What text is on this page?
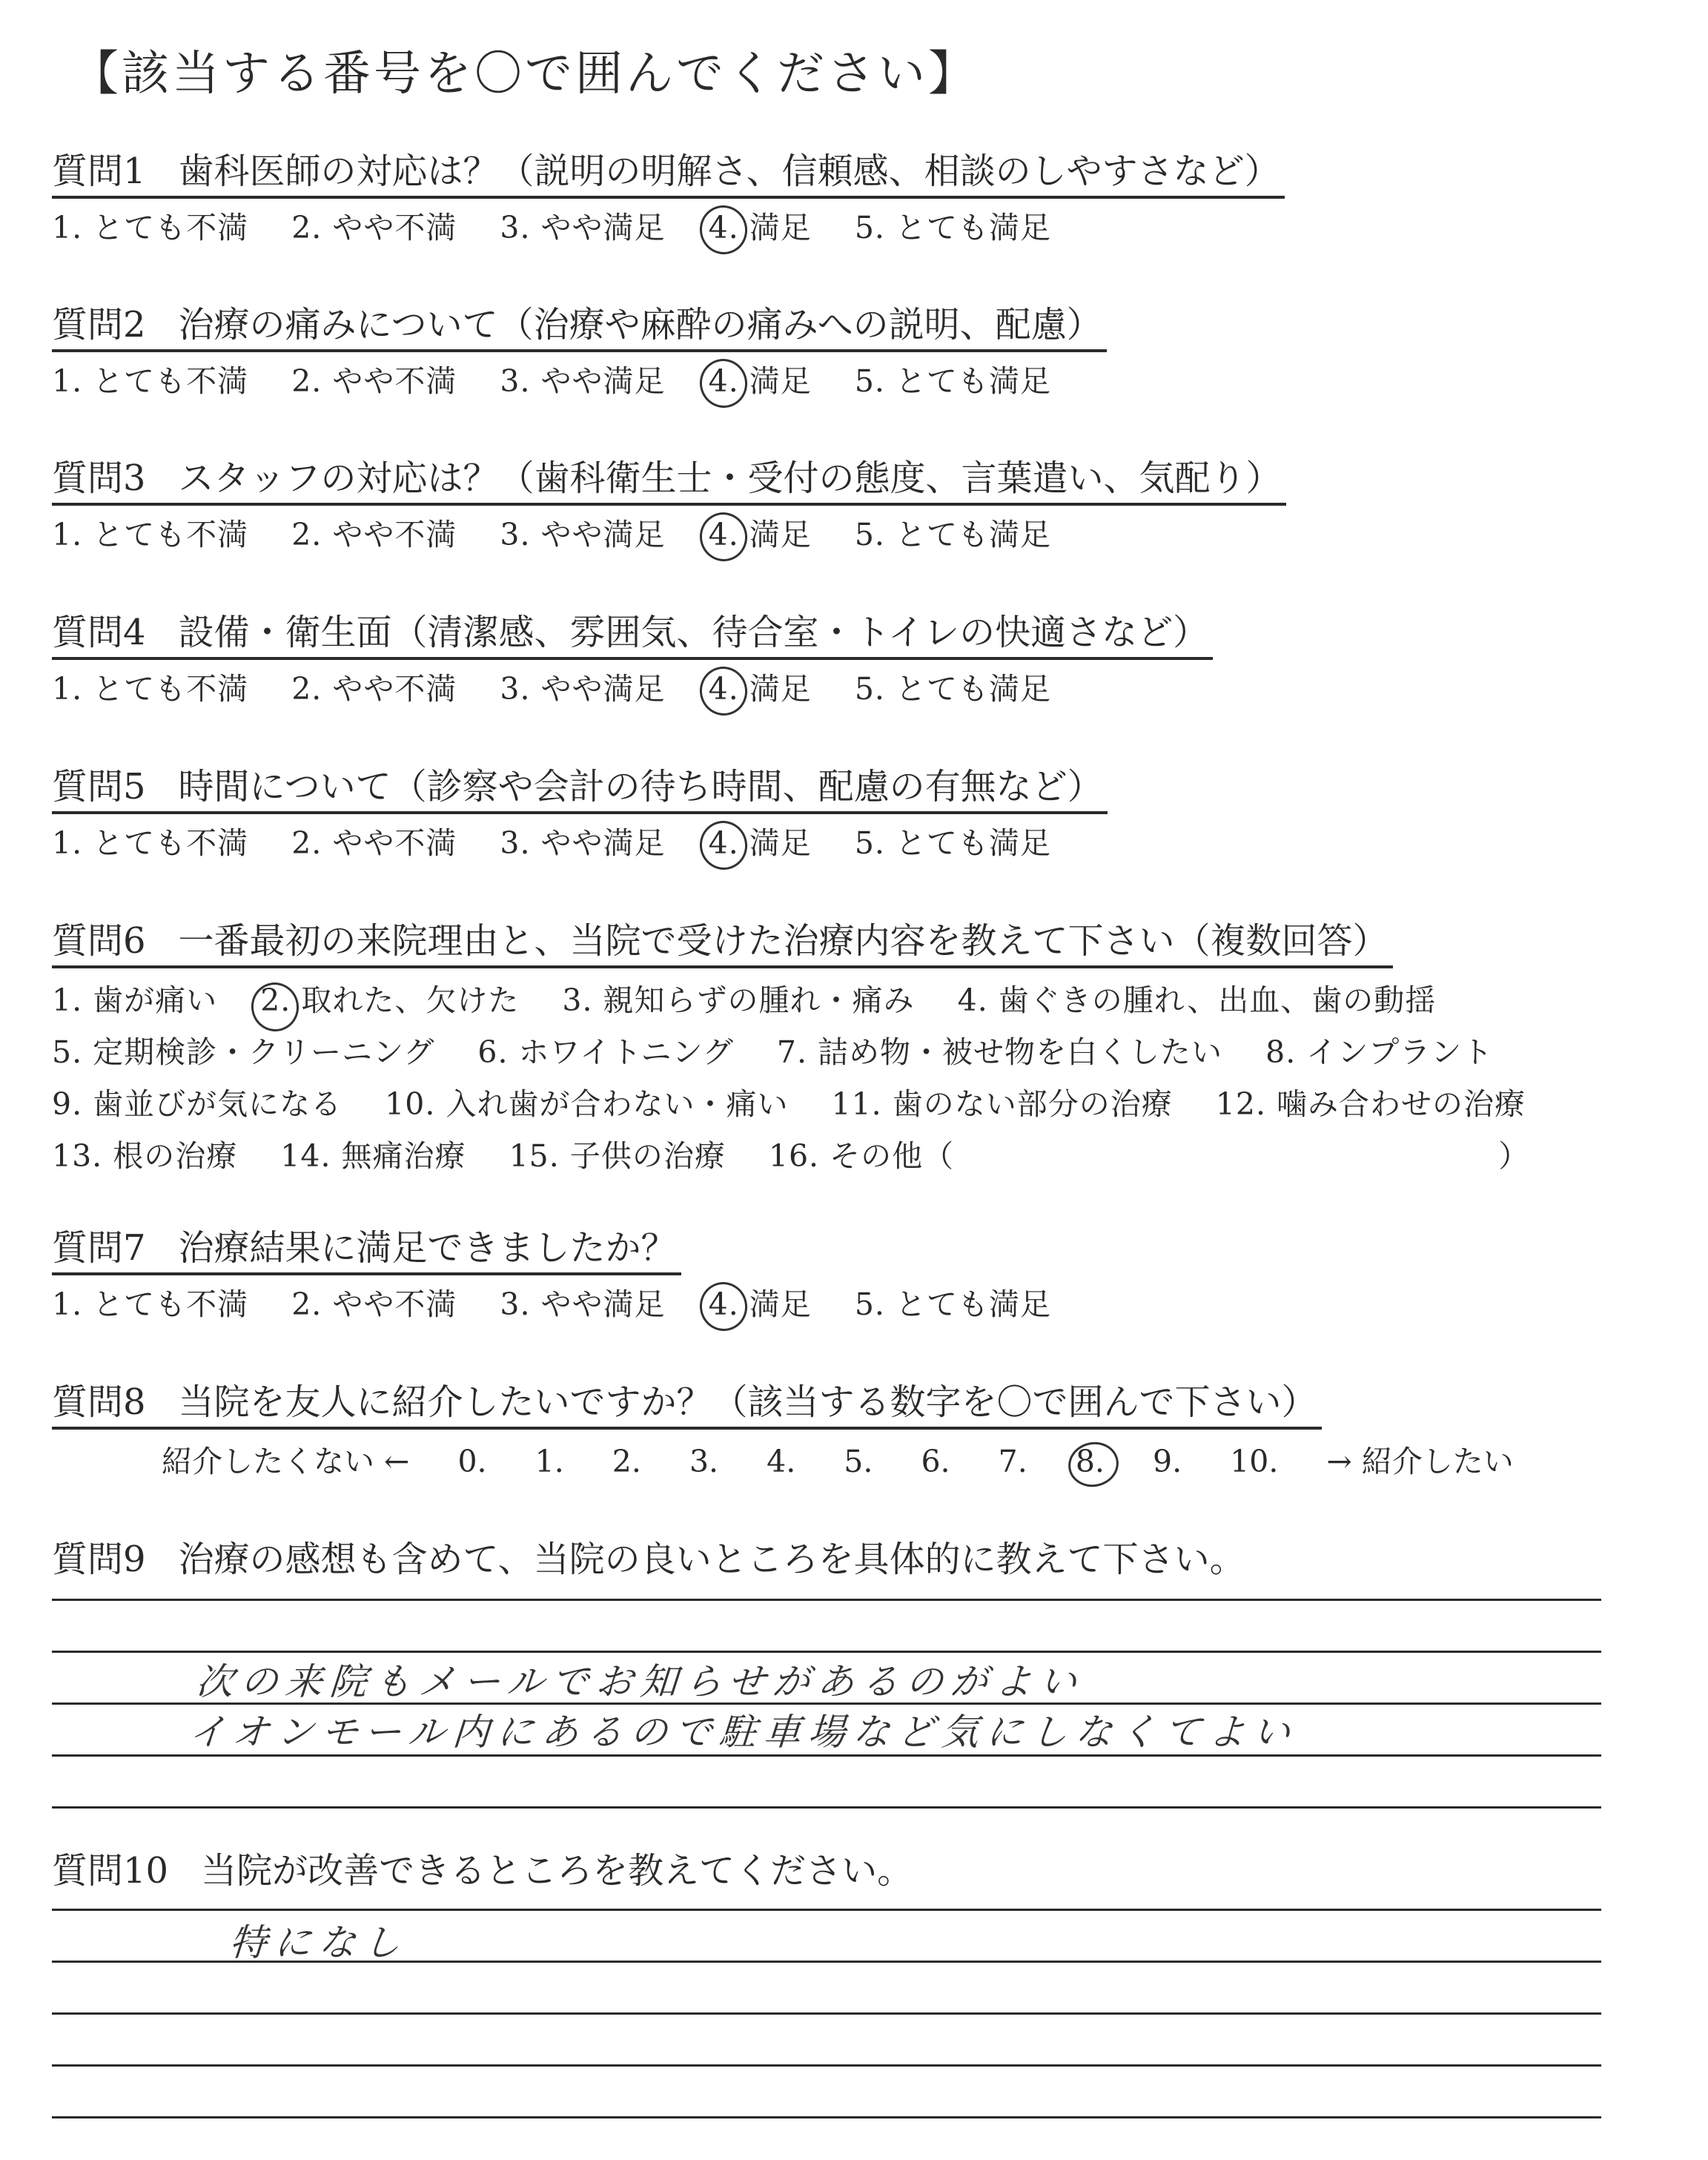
【該当する番号を〇で囲んでください】
質問1 歯科医師の対応は？（説明の明解さ、信頼感、相談のしやすさなど）
1. とても不満 2. やや不満 3. やや満足 4. 満足 5. とても満足
質問2 治療の痛みについて（治療や麻酔の痛みへの説明、配慮）
1. とても不満 2. やや不満 3. やや満足 4. 満足 5. とても満足
質問3 スタッフの対応は？（歯科衛生士・受付の態度、言葉遣い、気配り）
1. とても不満 2. やや不満 3. やや満足 4. 満足 5. とても満足
質問4 設備・衛生面（清潔感、雰囲気、待合室・トイレの快適さなど）
1. とても不満 2. やや不満 3. やや満足 4. 満足 5. とても満足
質問5 時間について（診察や会計の待ち時間、配慮の有無など）
1. とても不満 2. やや不満 3. やや満足 4. 満足 5. とても満足
質問6 一番最初の来院理由と、当院で受けた治療内容を教えて下さい（複数回答）
1. 歯が痛い 2. 取れた、欠けた 3. 親知らずの腫れ・痛み 4. 歯ぐきの腫れ、出血、歯の動揺
5. 定期検診・クリーニング 6. ホワイトニング 7. 詰め物・被せ物を白くしたい 8. インプラント
9. 歯並びが気になる 10. 入れ歯が合わない・痛い 11. 歯のない部分の治療 12. 噛み合わせの治療
13. 根の治療 14. 無痛治療 15. 子供の治療 16. その他（	）
質問7 治療結果に満足できましたか？
1. とても不満 2. やや不満 3. やや満足 4. 満足 5. とても満足
質問8 当院を友人に紹介したいですか？（該当する数字を〇で囲んで下さい）
紹介したくない ← 0. 1. 2. 3. 4. 5. 6. 7. 8. 9. 10. → 紹介したい
質問9 治療の感想も含めて、当院の良いところを具体的に教えて下さい。
次の来院もメールでお知らせがあるのがよい
イオンモール内にあるので駐車場など気にしなくてよい
質問10 当院が改善できるところを教えてください。
特になし
